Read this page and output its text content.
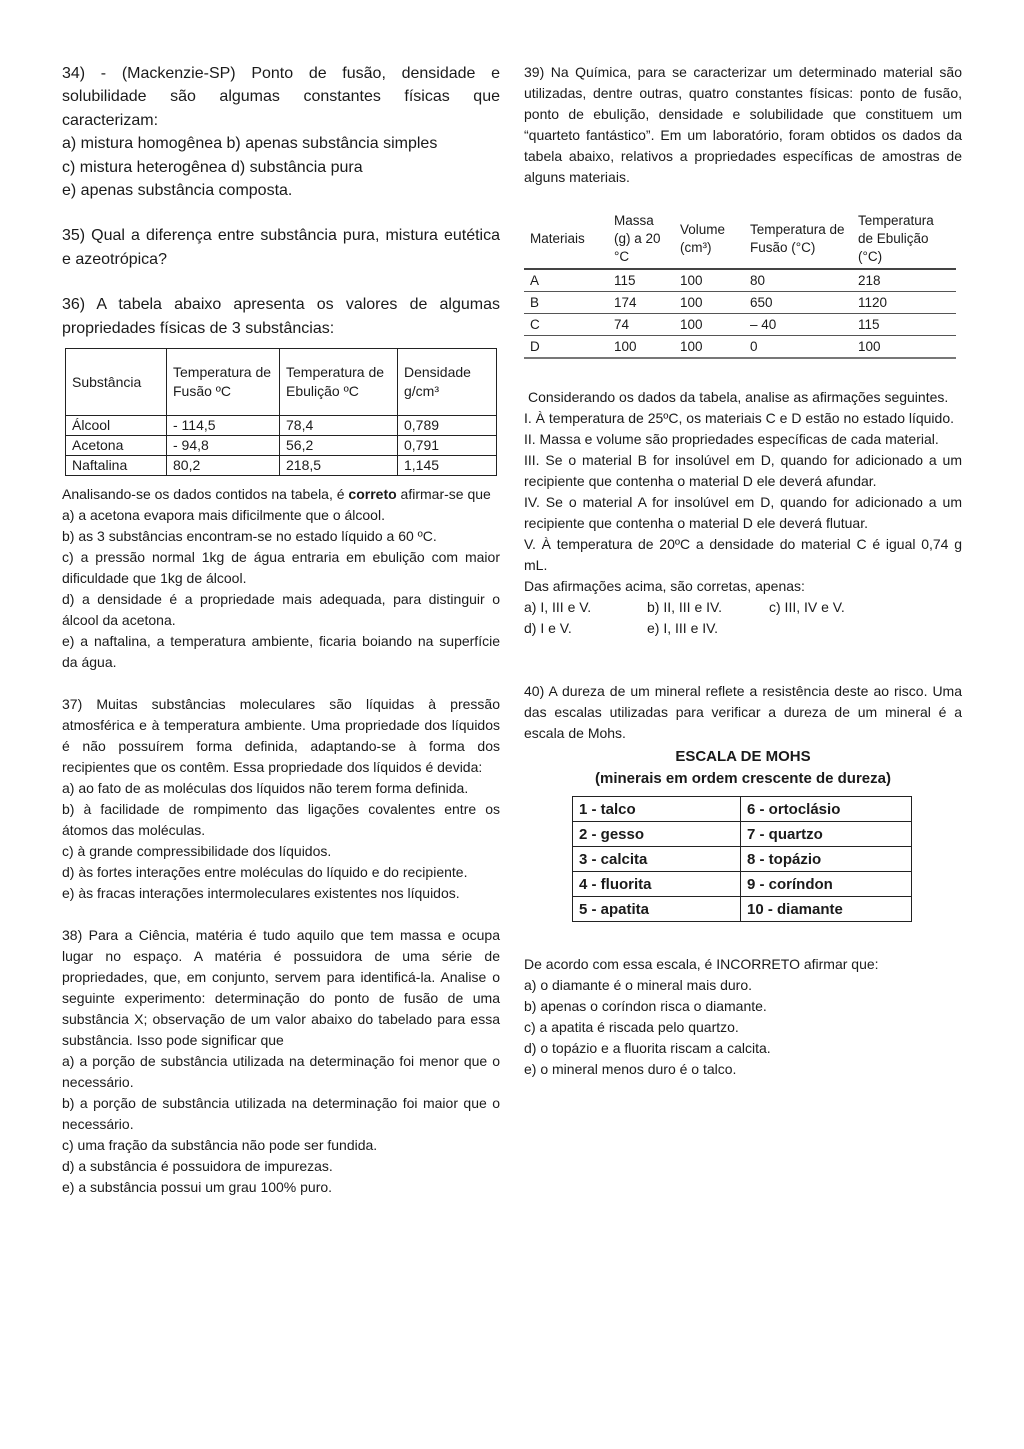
34) - (Mackenzie-SP) Ponto de fusão, densidade e solubilidade são algumas constantes físicas que caracterizam:

a) mistura homogênea b) apenas substância simples

c) mistura heterogênea d) substância pura

e) apenas substância composta.

35) Qual a diferença entre substância pura, mistura eutética e azeotrópica?

36) A tabela abaixo apresenta os valores de algumas propriedades físicas de 3 substâncias:

Substância	Temperatura de Fusão ºC	Temperatura de Ebulição ºC	Densidade g/cm³
Álcool	- 114,5	78,4	0,789
Acetona	- 94,8	56,2	0,791
Naftalina	80,2	218,5	1,145

Analisando-se os dados contidos na tabela, é correto afirmar-se que

a) a acetona evapora mais dificilmente que o álcool.

b) as 3 substâncias encontram-se no estado líquido a 60 ºC.

c) a pressão normal 1kg de água entraria em ebulição com maior dificuldade que 1kg de álcool.

d) a densidade é a propriedade mais adequada, para distinguir o álcool da acetona.

e) a naftalina, a temperatura ambiente, ficaria boiando na superfície da água.

37) Muitas substâncias moleculares são líquidas à pressão atmosférica e à temperatura ambiente. Uma propriedade dos líquidos é não possuírem forma definida, adaptando-se à forma dos recipientes que os contêm. Essa propriedade dos líquidos é devida:

a) ao fato de as moléculas dos líquidos não terem forma definida.

b) à facilidade de rompimento das ligações covalentes entre os átomos das moléculas.

c) à grande compressibilidade dos líquidos.

d) às fortes interações entre moléculas do líquido e do recipiente.

e) às fracas interações intermoleculares existentes nos líquidos.

38) Para a Ciência, matéria é tudo aquilo que tem massa e ocupa lugar no espaço. A matéria é possuidora de uma série de propriedades, que, em conjunto, servem para identificá-la. Analise o seguinte experimento: determinação do ponto de fusão de uma substância X; observação de um valor abaixo do tabelado para essa substância. Isso pode significar que

a) a porção de substância utilizada na determinação foi menor que o necessário.

b) a porção de substância utilizada na determinação foi maior que o necessário.

c) uma fração da substância não pode ser fundida.

d) a substância é possuidora de impurezas.

e) a substância possui um grau 100% puro.

39) Na Química, para se caracterizar um determinado material são utilizadas, dentre outras, quatro constantes físicas: ponto de fusão, ponto de ebulição, densidade e solubilidade que constituem um “quarteto fantástico”. Em um laboratório, foram obtidos os dados da tabela abaixo, relativos a propriedades específicas de amostras de alguns materiais.

Materiais	Massa (g) a 20 °C	Volume (cm³)	Temperatura de Fusão (°C)	Temperatura de Ebulição (°C)
A	115	100	80	218
B	174	100	650	1120
C	74	100	– 40	115
D	100	100	0	100

Considerando os dados da tabela, analise as afirmações seguintes.

I. À temperatura de 25ºC, os materiais C e D estão no estado líquido.

II. Massa e volume são propriedades específicas de cada material.

III. Se o material B for insolúvel em D, quando for adicionado a um recipiente que contenha o material D ele deverá afundar.

IV. Se o material A for insolúvel em D, quando for adicionado a um recipiente que contenha o material D ele deverá flutuar.

V. À temperatura de 20ºC a densidade do material C é igual 0,74 g mL.

Das afirmações acima, são corretas, apenas:

a) I, III e V.	b) II, III e IV.	c) III, IV e V.

d) I e V.	e) I, III e IV.

40) A dureza de um mineral reflete a resistência deste ao risco. Uma das escalas utilizadas para verificar a dureza de um mineral é a escala de Mohs.

ESCALA DE MOHS
(minerais em ordem crescente de dureza)
1 - talco	6 - ortoclásio
2 - gesso	7 - quartzo
3 - calcita	8 - topázio
4 - fluorita	9 - coríndon
5 - apatita	10 - diamante

De acordo com essa escala, é INCORRETO afirmar que:

a) o diamante é o mineral mais duro.

b) apenas o coríndon risca o diamante.

c) a apatita é riscada pelo quartzo.

d) o topázio e a fluorita riscam a calcita.

e) o mineral menos duro é o talco.
